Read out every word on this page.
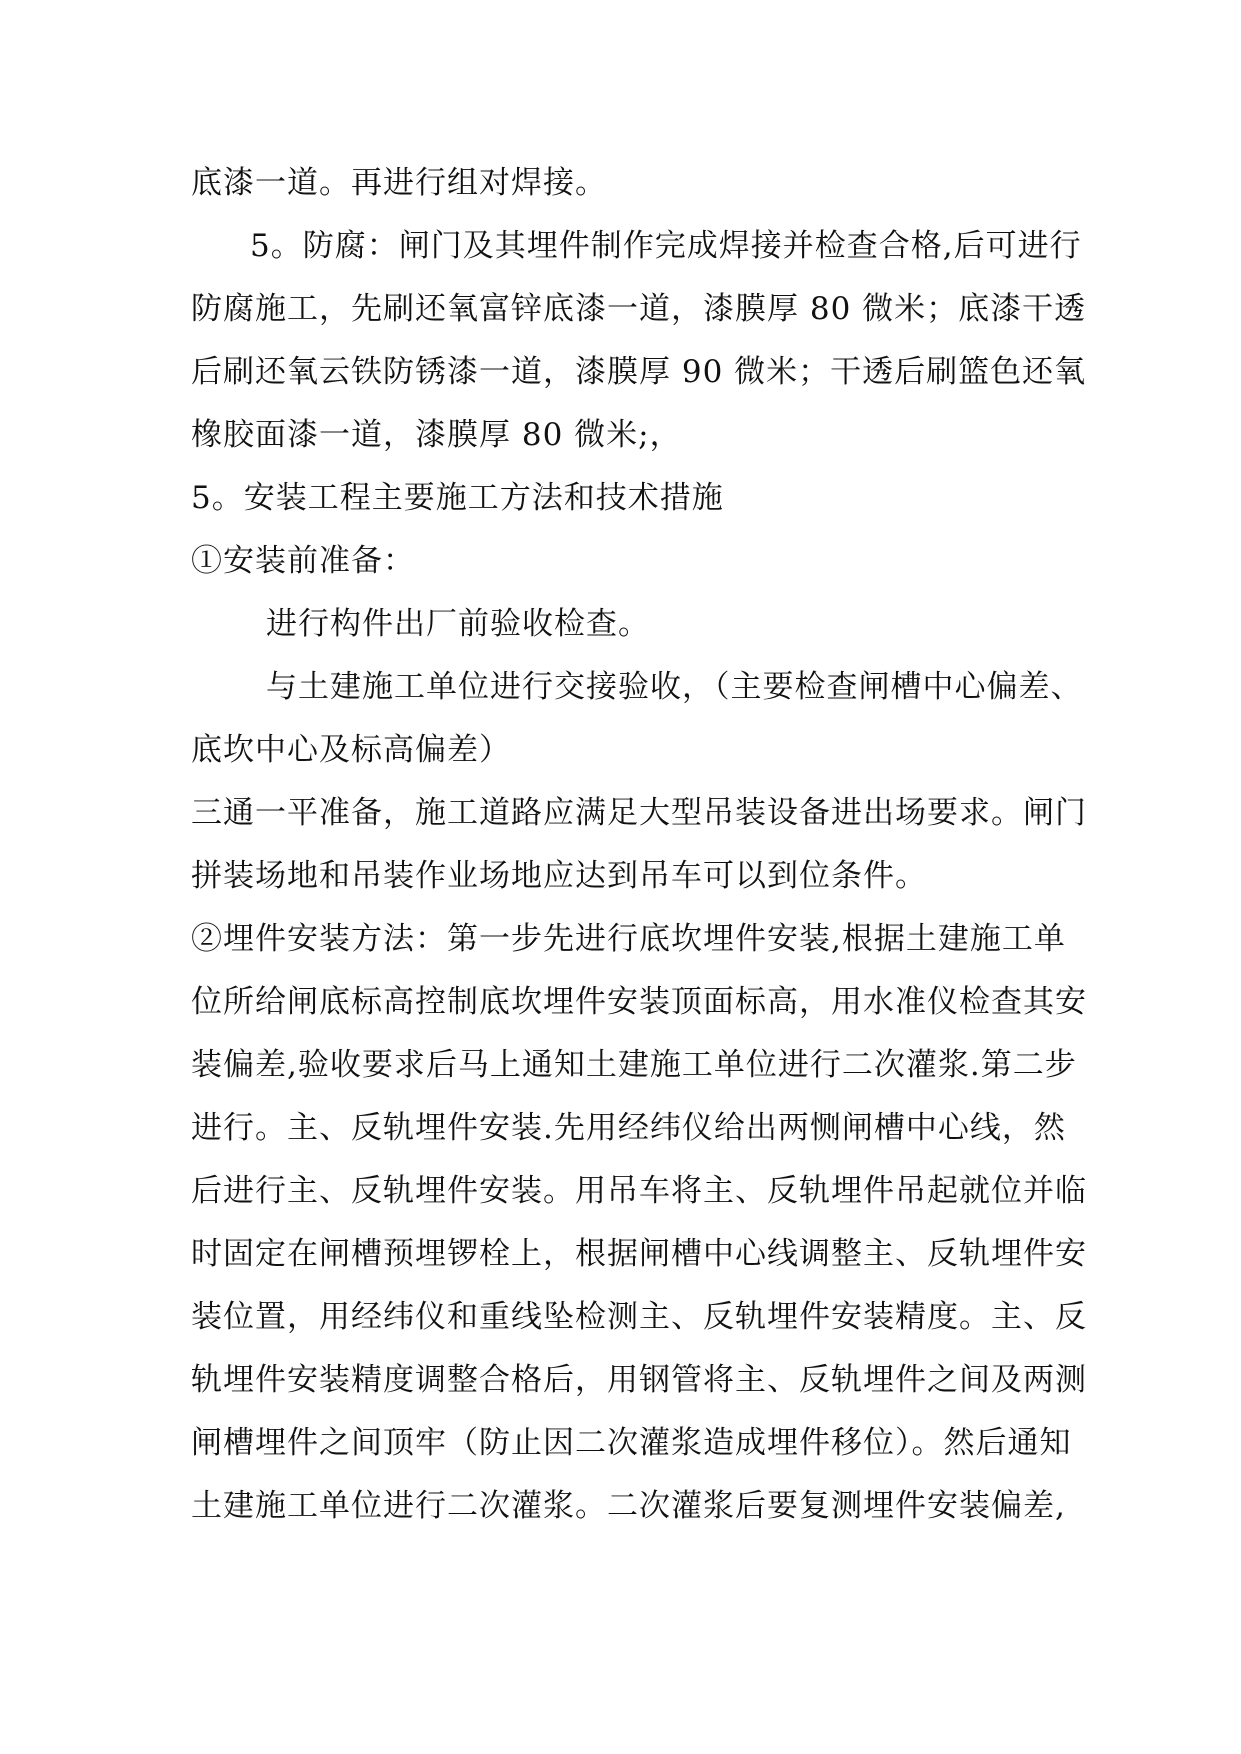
底漆一道。再进行组对焊接。
5。防腐：闸门及其埋件制作完成焊接并检查合格,后可进行
防腐施工，先刷还氧富锌底漆一道，漆膜厚 80 微米；底漆干透
后刷还氧云铁防锈漆一道，漆膜厚 90 微米；干透后刷篮色还氧
橡胶面漆一道，漆膜厚 80 微米;，
5。安装工程主要施工方法和技术措施
①安装前准备：
进行构件出厂前验收检查。
与土建施工单位进行交接验收，（主要检查闸槽中心偏差、
底坎中心及标高偏差）
三通一平准备，施工道路应满足大型吊装设备进出场要求。闸门
拼装场地和吊装作业场地应达到吊车可以到位条件。
②埋件安装方法：第一步先进行底坎埋件安装,根据土建施工单
位所给闸底标高控制底坎埋件安装顶面标高，用水准仪检查其安
装偏差,验收要求后马上通知土建施工单位进行二次灌浆.第二步
进行。主、反轨埋件安装.先用经纬仪给出两恻闸槽中心线，然
后进行主、反轨埋件安装。用吊车将主、反轨埋件吊起就位并临
时固定在闸槽预埋锣栓上，根据闸槽中心线调整主、反轨埋件安
装位置，用经纬仪和重线坠检测主、反轨埋件安装精度。主、反
轨埋件安装精度调整合格后，用钢管将主、反轨埋件之间及两测
闸槽埋件之间顶牢（防止因二次灌浆造成埋件移位）。然后通知
土建施工单位进行二次灌浆。二次灌浆后要复测埋件安装偏差,
